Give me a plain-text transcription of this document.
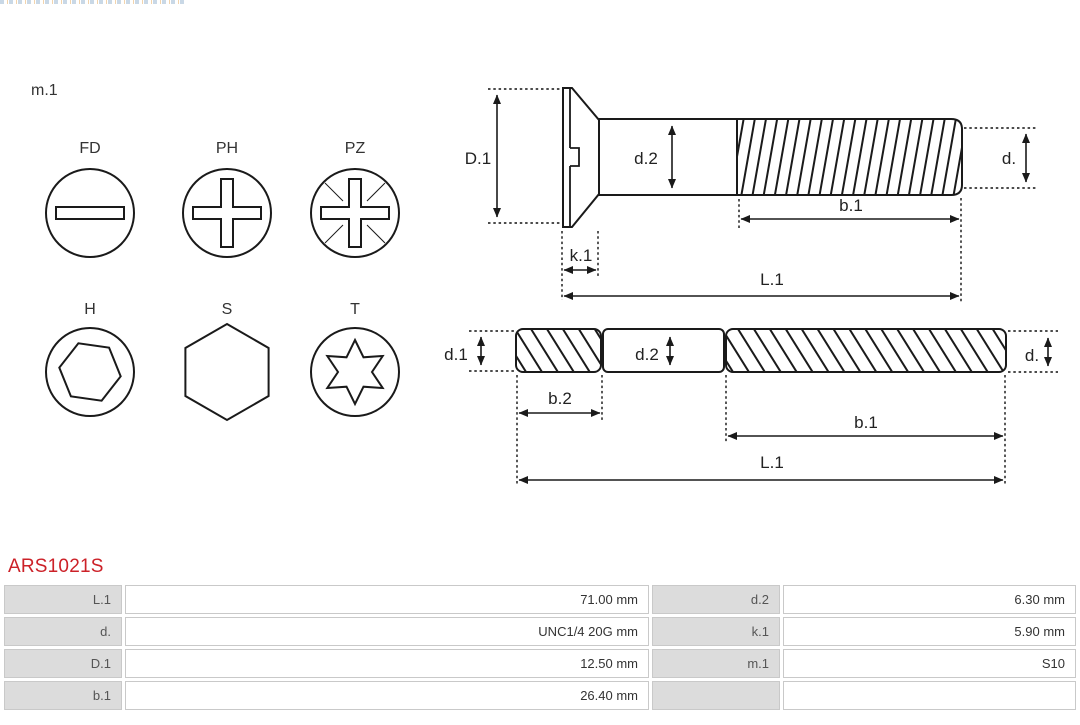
m.1
FD	PH	PZ
H	S	T
D.1	d.2	d.
k.1
b.1
L.1
d.1	d.2	d.
b.2
b.1
L.1
ARS1021S
L.1	71.00 mm	d.2	6.30 mm
d.	UNC1/4 20G mm	k.1	5.90 mm
D.1	12.50 mm	m.1	S10
b.1	26.40 mm
